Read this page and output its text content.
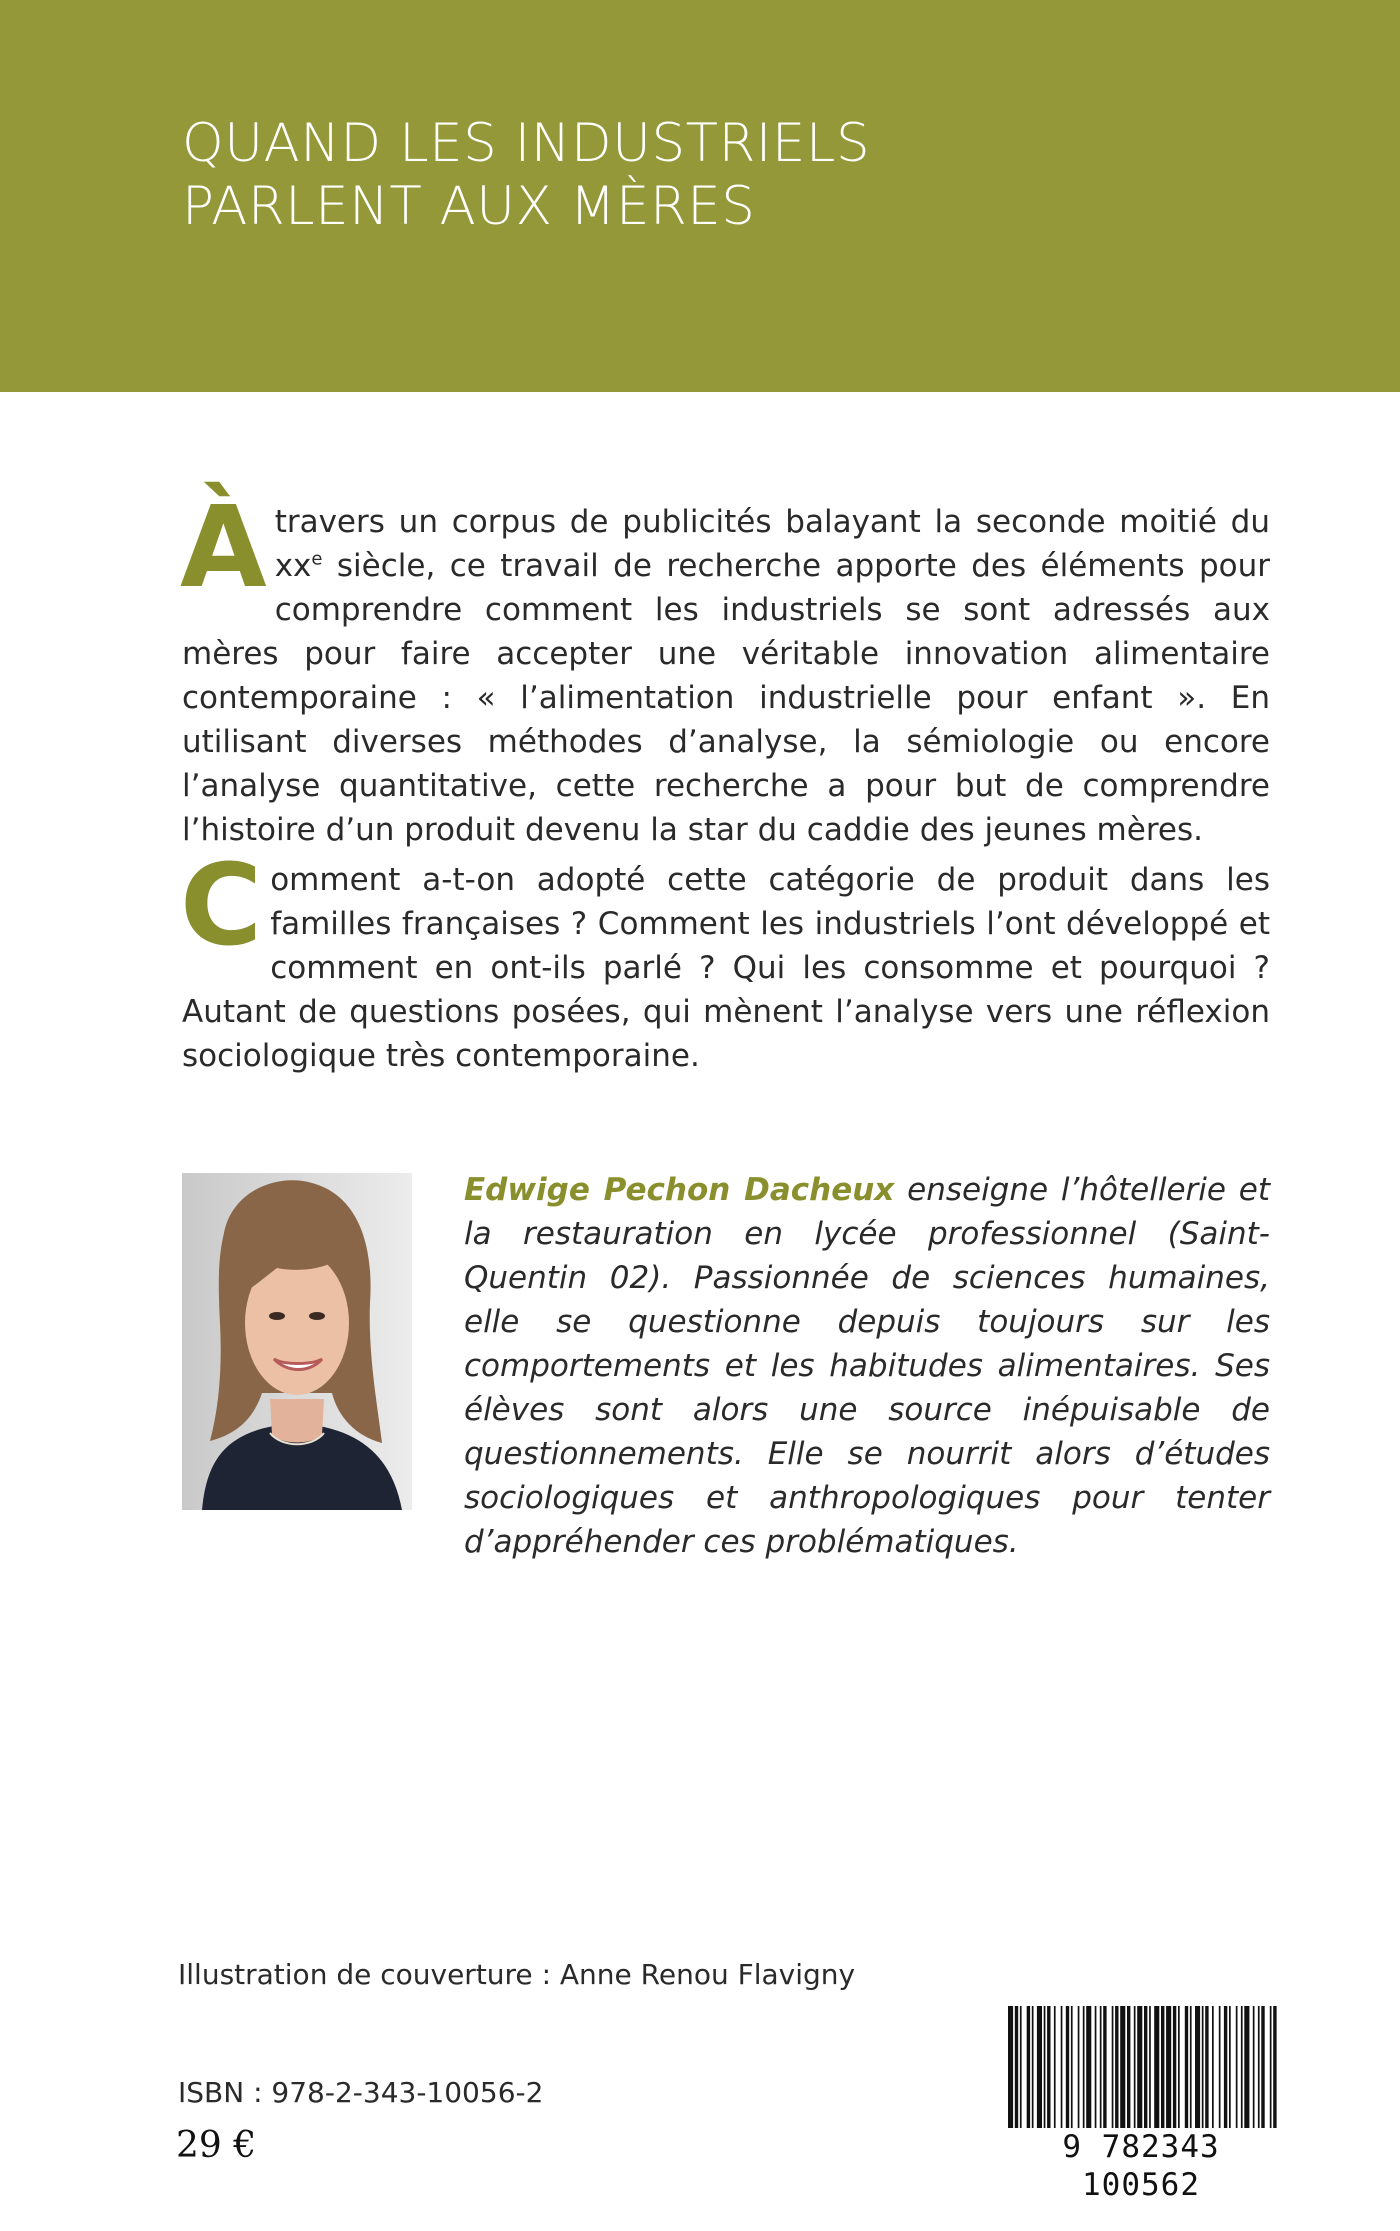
QUAND LES INDUSTRIELS
PARLENT AUX MÈRES

Àtravers un corpus de publicités balayant la seconde moitié du $xx^e$ siècle, ce travail de recherche apporte des éléments pour comprendre comment les industriels se sont adressés aux mères pour faire accepter une véritable innovation alimentaire contemporaine : « l’alimentation industrielle pour enfant ». En utilisant diverses méthodes d’analyse, la sémiologie ou encore l’analyse quantitative, cette recherche a pour but de comprendre l’histoire d’un produit devenu la star du caddie des jeunes mères.

Comment a-t-on adopté cette catégorie de produit dans les familles françaises ? Comment les industriels l’ont développé et comment en ont-ils parlé ? Qui les consomme et pourquoi ? Autant de questions posées, qui mènent l’analyse vers une réflexion sociologique très contemporaine.

Edwige Pechon Dacheux enseigne l’hôtellerie et la restauration en lycée professionnel (Saint-Quentin 02). Passionnée de sciences humaines, elle se questionne depuis toujours sur les comportements et les habitudes alimentaires. Ses élèves sont alors une source inépuisable de questionnements. Elle se nourrit alors d’études sociologiques et anthropologiques pour tenter d’appréhender ces problématiques.

Illustration de couverture : Anne Renou Flavigny

ISBN : 978-2-343-10056-2

29 €	9 782343 100562
